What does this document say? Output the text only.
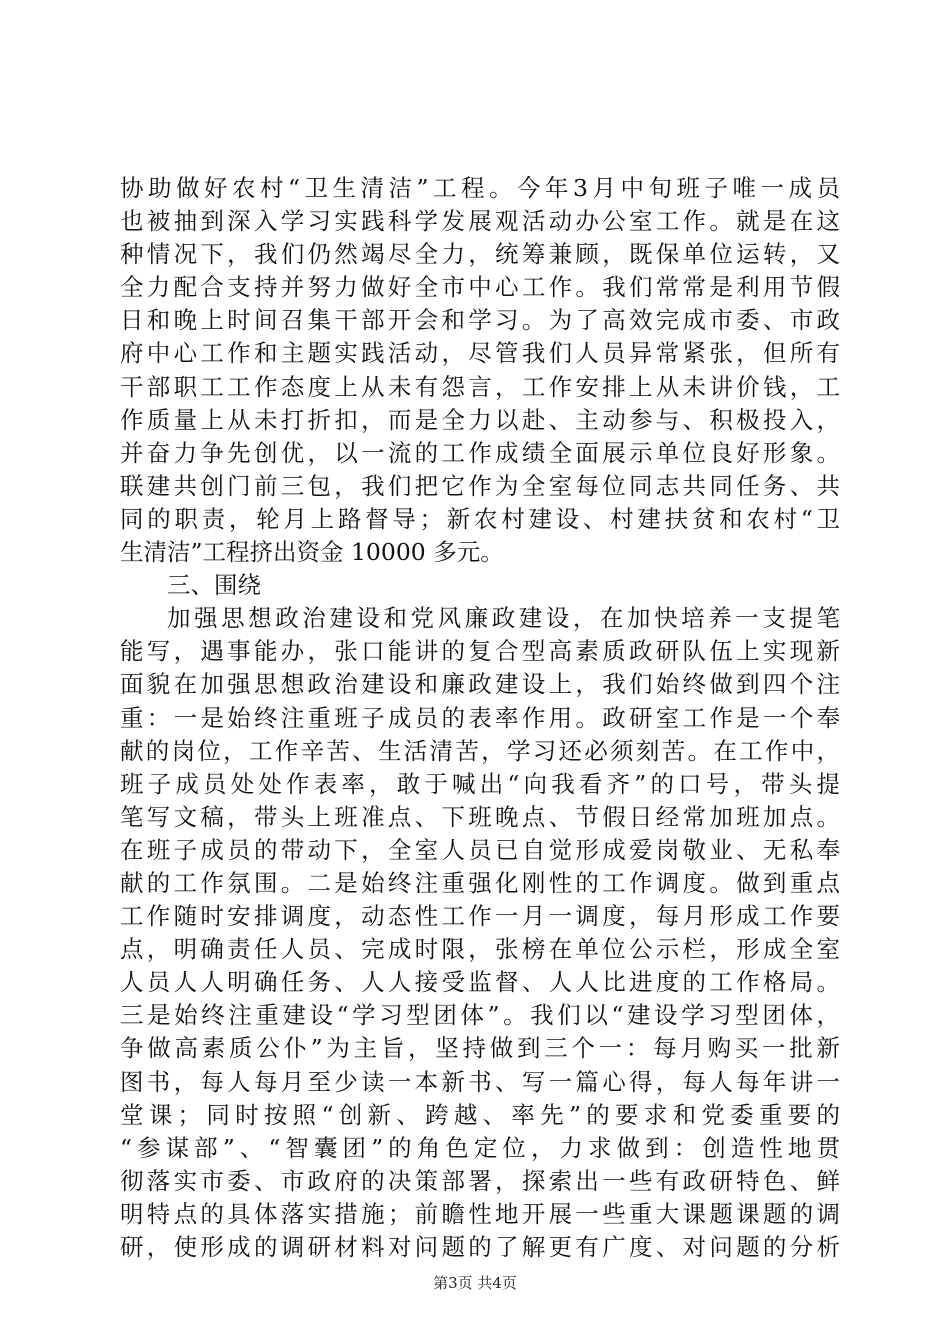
协助做好农村“卫生清洁”工程。今年3月中旬班子唯一成员
也被抽到深入学习实践科学发展观活动办公室工作。就是在这
种情况下，我们仍然竭尽全力，统筹兼顾，既保单位运转，又
全力配合支持并努力做好全市中心工作。我们常常是利用节假
日和晚上时间召集干部开会和学习。为了高效完成市委、市政
府中心工作和主题实践活动，尽管我们人员异常紧张，但所有
干部职工工作态度上从未有怨言，工作安排上从未讲价钱，工
作质量上从未打折扣，而是全力以赴、主动参与、积极投入，
并奋力争先创优，以一流的工作成绩全面展示单位良好形象。
联建共创门前三包，我们把它作为全室每位同志共同任务、共
同的职责，轮月上路督导；新农村建设、村建扶贫和农村“卫
生清洁”工程挤出资金 10000 多元。
三、围绕
加强思想政治建设和党风廉政建设，在加快培养一支提笔
能写，遇事能办，张口能讲的复合型高素质政研队伍上实现新
面貌在加强思想政治建设和廉政建设上，我们始终做到四个注
重：一是始终注重班子成员的表率作用。政研室工作是一个奉
献的岗位，工作辛苦、生活清苦，学习还必须刻苦。在工作中，
班子成员处处作表率，敢于喊出“向我看齐”的口号，带头提
笔写文稿，带头上班准点、下班晚点、节假日经常加班加点。
在班子成员的带动下，全室人员已自觉形成爱岗敬业、无私奉
献的工作氛围。二是始终注重强化刚性的工作调度。做到重点
工作随时安排调度，动态性工作一月一调度，每月形成工作要
点，明确责任人员、完成时限，张榜在单位公示栏，形成全室
人员人人明确任务、人人接受监督、人人比进度的工作格局。
三是始终注重建设“学习型团体”。我们以“建设学习型团体，
争做高素质公仆”为主旨，坚持做到三个一：每月购买一批新
图书，每人每月至少读一本新书、写一篇心得，每人每年讲一
堂课；同时按照“创新、跨越、率先”的要求和党委重要的
“参谋部”、“智囊团”的角色定位，力求做到：创造性地贯
彻落实市委、市政府的决策部署，探索出一些有政研特色、鲜
明特点的具体落实措施；前瞻性地开展一些重大课题课题的调
研，使形成的调研材料对问题的了解更有广度、对问题的分析
第3页 共4页
